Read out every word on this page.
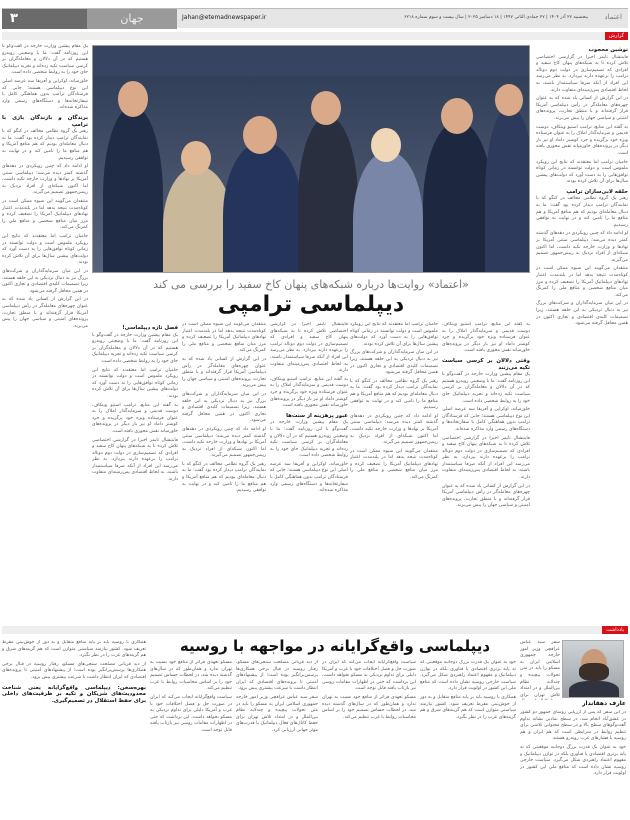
۳	جهان	Jahan@etemadnewspaper.ir	پنجشنبه ۲۷ آذر ۱۴۰۴ | ۲۷ جمادی الثانی ۱۴۴۷ | ۱۸ دسامبر ۲۰۲۵ | سال بیست و سوم شماره ۶۲۱۸ اعتماد
گزارش
نوشین محجوب

فایننشال تایمز اخیرا در گزارشی اختصاصی تلاش کرده تا به شبکه‌های پنهان کاخ سفید و افرادی که تصمیم‌سازی در دولت دوم دونالد ترامپ را برعهده دارند بپردازد. به نظر می‌رسد این افراد از آنکه صرفا سیاستمدار باشند، به لحاظ اقتصادی پس‌زمینه‌ای متفاوت دارند.

در این گزارش از کسانی یاد شده که به عنوان چهره‌های معامله‌گر در رأس دیپلماسی آمریکا قرار گرفته‌اند و با منطق تجارت، پرونده‌های امنیتی و سیاسی جهان را پیش می‌برند.

به گفته این منابع، ترامپ استیو ویتکاف، دوست قدیمی و سرمایه‌گذار املاک را به عنوان فرستاده ویژه خود برگزیده و جرد کوشنر داماد او نیز بار دیگر در پرونده‌های خاورمیانه نقش محوری یافته است.

حامیان ترامپ اما معتقدند که نتایج این رویکرد ملموس است و دولت توانسته در زمانی کوتاه توافق‌هایی را به دست آورد که دولت‌های پیشین سال‌ها برای آن تلاش کرده بودند.

حلقه لابی‌سازان ترامپ

رهبر یک گروه نظامی مخالف در کنگو که با نمایندگان ترامپ دیدار کرده بود گفت: ما به دنبال معامله‌ای بودیم که هم منافع آمریکا و هم منافع ما را تامین کند و در نهایت به توافقی رسیدیم.

او ادامه داد که چنین رویکردی در دهه‌های گذشته کمتر دیده می‌شد؛ دیپلماسی سنتی آمریکا بر نهادها و وزارت خارجه تکیه داشت، اما اکنون شبکه‌ای از افراد نزدیک به رییس‌جمهور تصمیم می‌گیرند.

منتقدان می‌گویند این شیوه ممکن است در کوتاه‌مدت نتیجه بدهد اما در بلندمدت اعتبار نهادهای دیپلماتیک آمریکا را تضعیف کرده و مرز میان منافع شخصی و منافع ملی را کمرنگ می‌کند.

در این میان سرمایه‌گذاران و شرکت‌های بزرگ نیز به دنبال نزدیکی به این حلقه هستند، زیرا تصمیمات کلیدی اقتصادی و تجاری اکنون در همین محافل گرفته می‌شود.

یک مقام پیشین وزارت خارجه در گفت‌وگو با این روزنامه گفت: ما با وضعیتی روبه‌رو هستیم که در آن دلالان و معامله‌گران بر کرسی سیاست تکیه زده‌اند و تجربه دیپلماتیک جای خود را به روابط شخصی داده است.

خاورمیانه، اوکراین و آفریقا سه عرصه اصلی این نوع دیپلماسی هستند؛ جایی که فرستادگان ترامپ بدون هماهنگی کامل با سفارتخانه‌ها و دستگاه‌های رسمی وارد مذاکره شده‌اند.

برندگان و بازندگان بازی با ترامپ

رهبر یک گروه نظامی مخالف در کنگو که با نمایندگان ترامپ دیدار کرده بود گفت: ما به دنبال معامله‌ای بودیم که هم منافع آمریکا و هم منافع ما را تامین کند و در نهایت به توافقی رسیدیم.

او ادامه داد که چنین رویکردی در دهه‌های گذشته کمتر دیده می‌شد؛ دیپلماسی سنتی آمریکا بر نهادها و وزارت خارجه تکیه داشت، اما اکنون شبکه‌ای از افراد نزدیک به رییس‌جمهور تصمیم می‌گیرند.

منتقدان می‌گویند این شیوه ممکن است در کوتاه‌مدت نتیجه بدهد اما در بلندمدت اعتبار نهادهای دیپلماتیک آمریکا را تضعیف کرده و مرز میان منافع شخصی و منافع ملی را کمرنگ می‌کند.

حامیان ترامپ اما معتقدند که نتایج این رویکرد ملموس است و دولت توانسته در زمانی کوتاه توافق‌هایی را به دست آورد که دولت‌های پیشین سال‌ها برای آن تلاش کرده بودند.

در این میان سرمایه‌گذاران و شرکت‌های بزرگ نیز به دنبال نزدیکی به این حلقه هستند، زیرا تصمیمات کلیدی اقتصادی و تجاری اکنون در همین محافل گرفته می‌شود.

در این گزارش از کسانی یاد شده که به عنوان چهره‌های معامله‌گر در رأس دیپلماسی آمریکا قرار گرفته‌اند و با منطق تجارت، پرونده‌های امنیتی و سیاسی جهان را پیش می‌برند.

«اعتماد» روایت‌ها درباره شبکه‌های پنهان کاخ سفید را بررسی می کند
دیپلماسی ترامپی

به گفته این منابع، ترامپ استیو ویتکاف، دوست قدیمی و سرمایه‌گذار املاک را به عنوان فرستاده ویژه خود برگزیده و جرد کوشنر داماد او نیز بار دیگر در پرونده‌های خاورمیانه نقش محوری یافته است.

وقتی دلالان بر کرسی سیاست تکیه می‌زنند

یک مقام پیشین وزارت خارجه در گفت‌وگو با این روزنامه گفت: ما با وضعیتی روبه‌رو هستیم که در آن دلالان و معامله‌گران بر کرسی سیاست تکیه زده‌اند و تجربه دیپلماتیک جای خود را به روابط شخصی داده است.

خاورمیانه، اوکراین و آفریقا سه عرصه اصلی این نوع دیپلماسی هستند؛ جایی که فرستادگان ترامپ بدون هماهنگی کامل با سفارتخانه‌ها و دستگاه‌های رسمی وارد مذاکره شده‌اند.

فایننشال تایمز اخیرا در گزارشی اختصاصی تلاش کرده تا به شبکه‌های پنهان کاخ سفید و افرادی که تصمیم‌سازی در دولت دوم دونالد ترامپ را برعهده دارند بپردازد. به نظر می‌رسد این افراد از آنکه صرفا سیاستمدار باشند، به لحاظ اقتصادی پس‌زمینه‌ای متفاوت دارند.

در این گزارش از کسانی یاد شده که به عنوان چهره‌های معامله‌گر در رأس دیپلماسی آمریکا قرار گرفته‌اند و با منطق تجارت، پرونده‌های امنیتی و سیاسی جهان را پیش می‌برند.

حامیان ترامپ اما معتقدند که نتایج این رویکرد ملموس است و دولت توانسته در زمانی کوتاه توافق‌هایی را به دست آورد که دولت‌های پیشین سال‌ها برای آن تلاش کرده بودند.

در این میان سرمایه‌گذاران و شرکت‌های بزرگ نیز به دنبال نزدیکی به این حلقه هستند، زیرا تصمیمات کلیدی اقتصادی و تجاری اکنون در همین محافل گرفته می‌شود.

رهبر یک گروه نظامی مخالف در کنگو که با نمایندگان ترامپ دیدار کرده بود گفت: ما به دنبال معامله‌ای بودیم که هم منافع آمریکا و هم منافع ما را تامین کند و در نهایت به توافقی رسیدیم.

او ادامه داد که چنین رویکردی در دهه‌های گذشته کمتر دیده می‌شد؛ دیپلماسی سنتی آمریکا بر نهادها و وزارت خارجه تکیه داشت، اما اکنون شبکه‌ای از افراد نزدیک به رییس‌جمهور تصمیم می‌گیرند.

منتقدان می‌گویند این شیوه ممکن است در کوتاه‌مدت نتیجه بدهد اما در بلندمدت اعتبار نهادهای دیپلماتیک آمریکا را تضعیف کرده و مرز میان منافع شخصی و منافع ملی را کمرنگ می‌کند.

فایننشال تایمز اخیرا در گزارشی اختصاصی تلاش کرده تا به شبکه‌های پنهان کاخ سفید و افرادی که تصمیم‌سازی در دولت دوم دونالد ترامپ را برعهده دارند بپردازد. به نظر می‌رسد این افراد از آنکه صرفا سیاستمدار باشند، به لحاظ اقتصادی پس‌زمینه‌ای متفاوت دارند.

به گفته این منابع، ترامپ استیو ویتکاف، دوست قدیمی و سرمایه‌گذار املاک را به عنوان فرستاده ویژه خود برگزیده و جرد کوشنر داماد او نیز بار دیگر در پرونده‌های خاورمیانه نقش محوری یافته است.

عبور پرهزینه از سنت‌ها

یک مقام پیشین وزارت خارجه در گفت‌وگو با این روزنامه گفت: ما با وضعیتی روبه‌رو هستیم که در آن دلالان و معامله‌گران بر کرسی سیاست تکیه زده‌اند و تجربه دیپلماتیک جای خود را به روابط شخصی داده است.

خاورمیانه، اوکراین و آفریقا سه عرصه اصلی این نوع دیپلماسی هستند؛ جایی که فرستادگان ترامپ بدون هماهنگی کامل با سفارتخانه‌ها و دستگاه‌های رسمی وارد مذاکره شده‌اند.

منتقدان می‌گویند این شیوه ممکن است در کوتاه‌مدت نتیجه بدهد اما در بلندمدت اعتبار نهادهای دیپلماتیک آمریکا را تضعیف کرده و مرز میان منافع شخصی و منافع ملی را کمرنگ می‌کند.

در این گزارش از کسانی یاد شده که به عنوان چهره‌های معامله‌گر در رأس دیپلماسی آمریکا قرار گرفته‌اند و با منطق تجارت، پرونده‌های امنیتی و سیاسی جهان را پیش می‌برند.

در این میان سرمایه‌گذاران و شرکت‌های بزرگ نیز به دنبال نزدیکی به این حلقه هستند، زیرا تصمیمات کلیدی اقتصادی و تجاری اکنون در همین محافل گرفته می‌شود.

او ادامه داد که چنین رویکردی در دهه‌های گذشته کمتر دیده می‌شد؛ دیپلماسی سنتی آمریکا بر نهادها و وزارت خارجه تکیه داشت، اما اکنون شبکه‌ای از افراد نزدیک به رییس‌جمهور تصمیم می‌گیرند.

رهبر یک گروه نظامی مخالف در کنگو که با نمایندگان ترامپ دیدار کرده بود گفت: ما به دنبال معامله‌ای بودیم که هم منافع آمریکا و هم منافع ما را تامین کند و در نهایت به توافقی رسیدیم.

فصل تازه دیپلماسی!

یک مقام پیشین وزارت خارجه در گفت‌وگو با این روزنامه گفت: ما با وضعیتی روبه‌رو هستیم که در آن دلالان و معامله‌گران بر کرسی سیاست تکیه زده‌اند و تجربه دیپلماتیک جای خود را به روابط شخصی داده است.

حامیان ترامپ اما معتقدند که نتایج این رویکرد ملموس است و دولت توانسته در زمانی کوتاه توافق‌هایی را به دست آورد که دولت‌های پیشین سال‌ها برای آن تلاش کرده بودند.

به گفته این منابع، ترامپ استیو ویتکاف، دوست قدیمی و سرمایه‌گذار املاک را به عنوان فرستاده ویژه خود برگزیده و جرد کوشنر داماد او نیز بار دیگر در پرونده‌های خاورمیانه نقش محوری یافته است.

فایننشال تایمز اخیرا در گزارشی اختصاصی تلاش کرده تا به شبکه‌های پنهان کاخ سفید و افرادی که تصمیم‌سازی در دولت دوم دونالد ترامپ را برعهده دارند بپردازد. به نظر می‌رسد این افراد از آنکه صرفا سیاستمدار باشند، به لحاظ اقتصادی پس‌زمینه‌ای متفاوت دارند.

یادداشت
دیپلماسی واقع‌گرایانه در مواجهه با روسیه
عارف دهقاندار

سفر سید عباس عراقچی وزیر امور خارجه جمهوری اسلامی ایران به مسکو را باید در متن تحولات پیچیده و چندلایه نظام بین‌الملل و در امتداد تلاش تهران برای

در این سفر که پس از ارزیابی روسای جمهور دو کشور در عشق‌آباد انجام شد، در سطح نمادین نشانه تداوم گفت‌وگوهای سطح بالا و در سطح محتوایی تلاشی برای تنظیم روابط در شرایطی است که هم ایران و هم روسیه با فشارهای غرب روبه‌رو هستند.

خود به عنوان یک قدرت بزرگ دوجانبه موقعیتی که نه پایه برتری اقتصادی یا فناوری بلکه در توازن دیپلماتیک و مفهوم اعتماد راهبردی شکل می‌گیرد. سیاست خارجی روسیه نشان داده است که منافع ملی این کشور در اولویت قرار دارد.

خود به عنوان یک قدرت بزرگ دوجانبه موقعیتی که نه پایه برتری اقتصادی یا فناوری بلکه در توازن دیپلماتیک و مفهوم اعتماد راهبردی شکل می‌گیرد. سیاست خارجی روسیه نشان داده است که منافع ملی این کشور در اولویت قرار دارد.

همکاری با روسیه باید بر پایه منافع متقابل و به دور از خوش‌بینی مفرط تعریف شود. کشور نیازمند سیاستی متوازن است که هم گزینه‌های شرق و هم گزینه‌های غرب را در نظر بگیرد.

سیاست واقع‌گرایانه ایجاب می‌کند که ایران در صورت حل و فصل اختلافات خود با غرب و آمریکا دلیلی برای تداوم نزدیکی به مسکو نخواهد داشت، این برداشت که حتی در اظهارات مقامات روسی نیز بازتاب یافته قابل توجه است.

مسکو تعهدی فراتر از منافع خود نسبت به تهران ندارد و همان‌طور که در سال‌های گذشته دیده شد، در لحظات حساس تصمیم خود را بر اساس محاسبات روابط با غرب تنظیم می‌کند.

از دید قربانی مصلحت سنجی‌های مسکو، رفتار روسیه در قبال برخی همکاری‌ها پرسش‌برانگیز بوده است؛ از پیشنهادهای امنیتی تا پرونده‌های اقتصادی که ایران انتظار داشت با سرعت بیشتری پیش برود.

سفر سید عباس عراقچی وزیر امور خارجه جمهوری اسلامی ایران به مسکو را باید در متن تحولات پیچیده و چندلایه نظام بین‌الملل و در امتداد تلاش تهران برای حفظ کانال‌های فعال دیپلماتیک با قدرت‌های موثر جهانی ارزیابی کرد.

مسکو تعهدی فراتر از منافع خود نسبت به تهران ندارد و همان‌طور که در سال‌های گذشته دیده شد، در لحظات حساس تصمیم خود را بر اساس محاسبات روابط با غرب تنظیم می‌کند.

سیاست واقع‌گرایانه ایجاب می‌کند که ایران در صورت حل و فصل اختلافات خود با غرب و آمریکا دلیلی برای تداوم نزدیکی به مسکو نخواهد داشت، این برداشت که حتی در اظهارات مقامات روسی نیز بازتاب یافته قابل توجه است.

همکاری با روسیه باید بر پایه منافع متقابل و به دور از خوش‌بینی مفرط تعریف شود. کشور نیازمند سیاستی متوازن است که هم گزینه‌های شرق و هم گزینه‌های غرب را در نظر بگیرد.

از دید قربانی مصلحت سنجی‌های مسکو، رفتار روسیه در قبال برخی همکاری‌ها پرسش‌برانگیز بوده است؛ از پیشنهادهای امنیتی تا پرونده‌های اقتصادی که ایران انتظار داشت با سرعت بیشتری پیش برود.

بهره‌سخن: دیپلماسی واقع‌گرایانه یعنی شناخت محدودیت‌های شریکان و تکیه بر ظرفیت‌های داخلی برای حفظ استقلال در تصمیم‌گیری.
